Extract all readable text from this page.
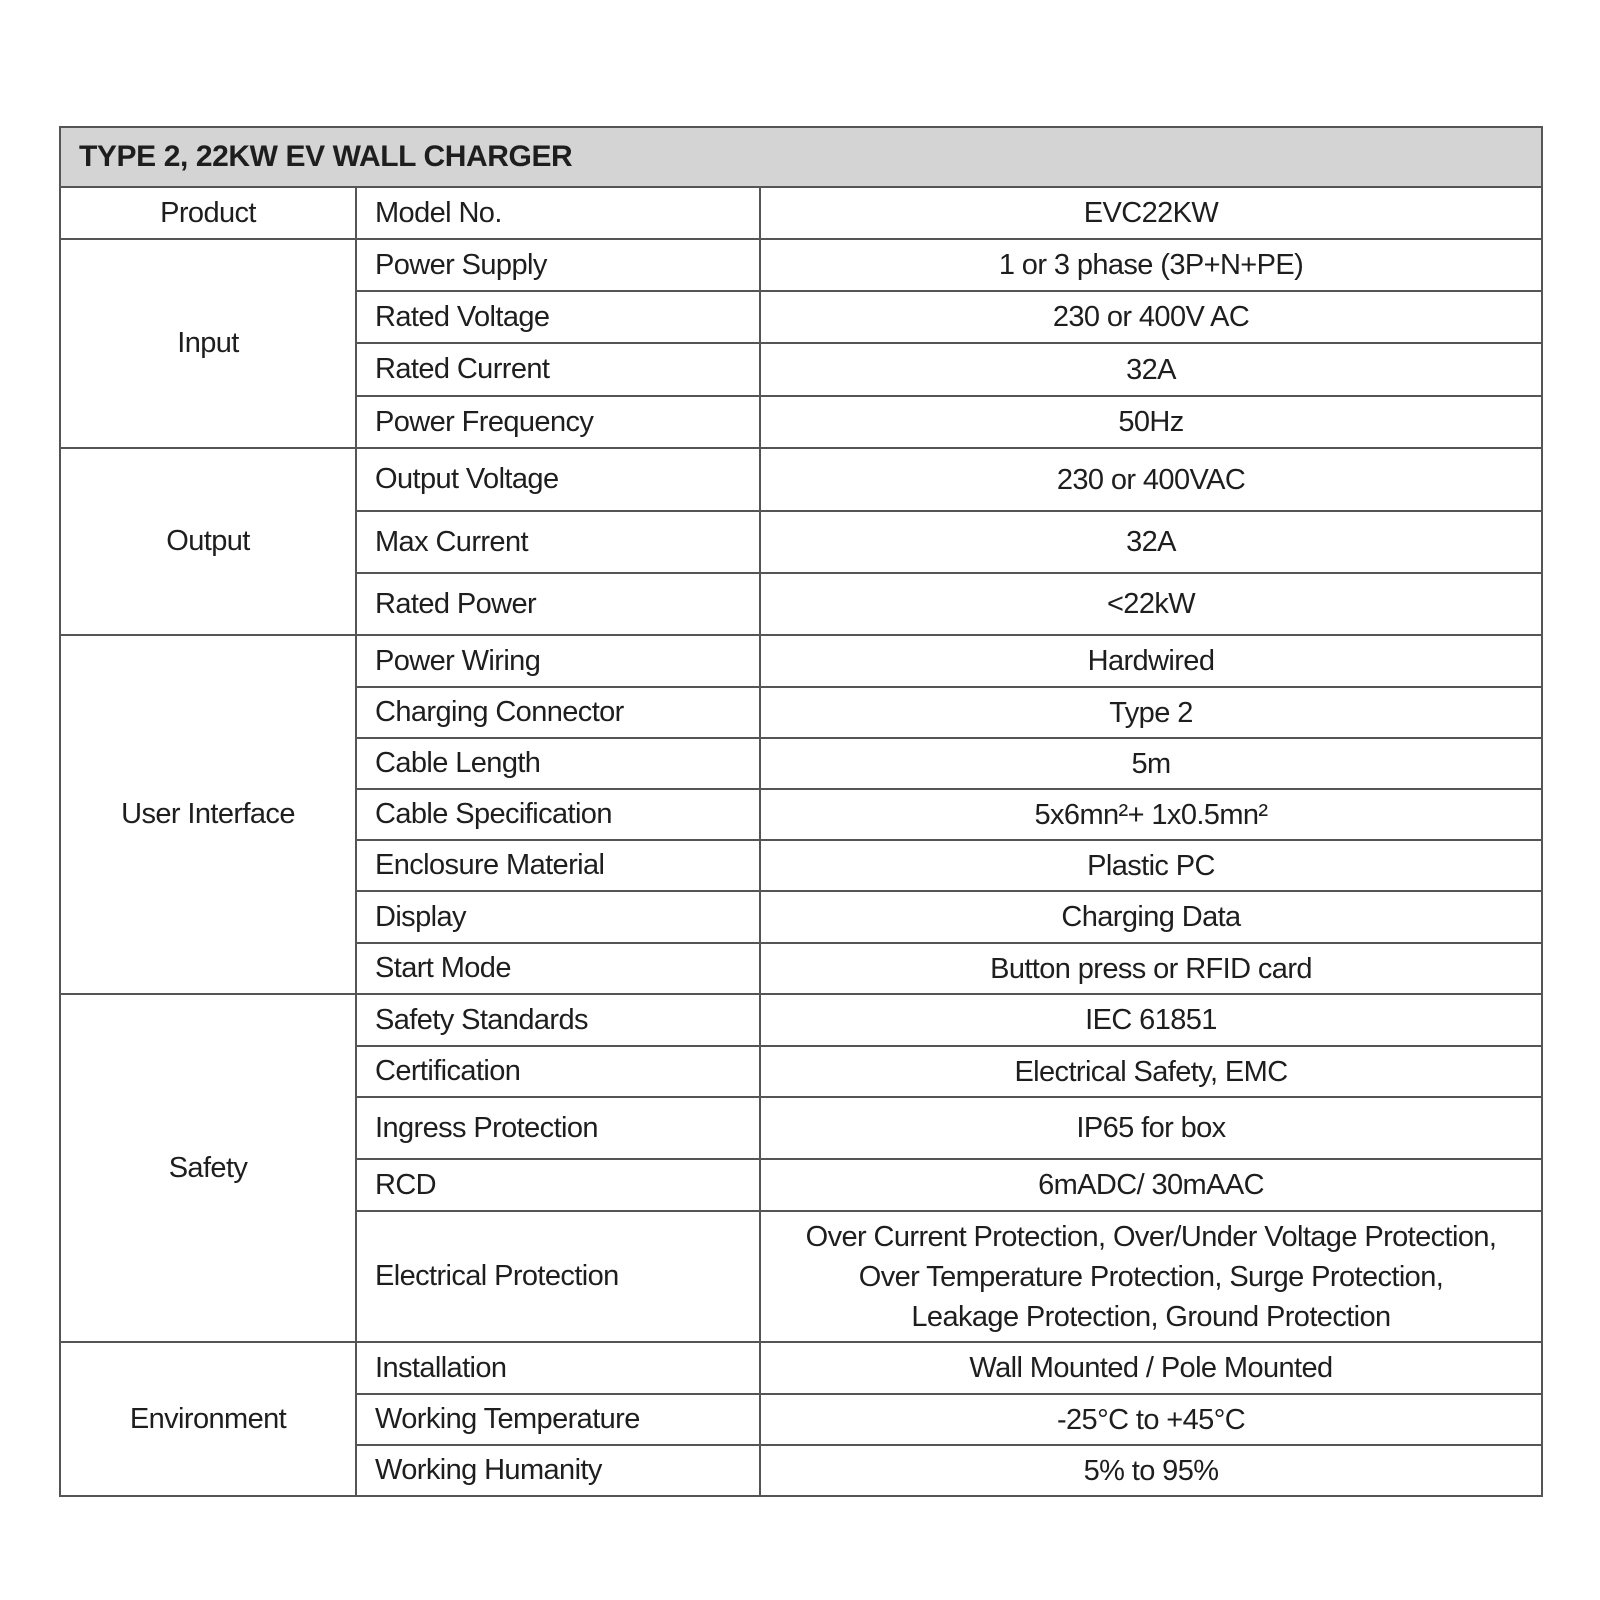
TYPE 2, 22KW EV WALL CHARGER		
Product	Model No.	EVC22KW
Input	Power Supply	1 or 3 phase (3P+N+PE)
	Rated Voltage	230 or 400V AC
	Rated Current	32A
	Power Frequency	50Hz
Output	Output Voltage	230 or 400VAC
	Max Current	32A
	Rated Power	<22kW
User Interface	Power Wiring	Hardwired
	Charging Connector	Type 2
	Cable Length	5m
	Cable Specification	5x6mn²+ 1x0.5mn²
	Enclosure Material	Plastic PC
	Display	Charging Data
	Start Mode	Button press or RFID card
Safety	Safety Standards	IEC 61851
	Certification	Electrical Safety, EMC
	Ingress Protection	IP65 for box
	RCD	6mADC/ 30mAAC
	Electrical Protection	Over Current Protection, Over/Under Voltage Protection,
Over Temperature Protection, Surge Protection,
Leakage Protection, Ground Protection

Environment	Installation	Wall Mounted / Pole Mounted
	Working Temperature	-25°C to +45°C
	Working Humanity	5% to 95%
